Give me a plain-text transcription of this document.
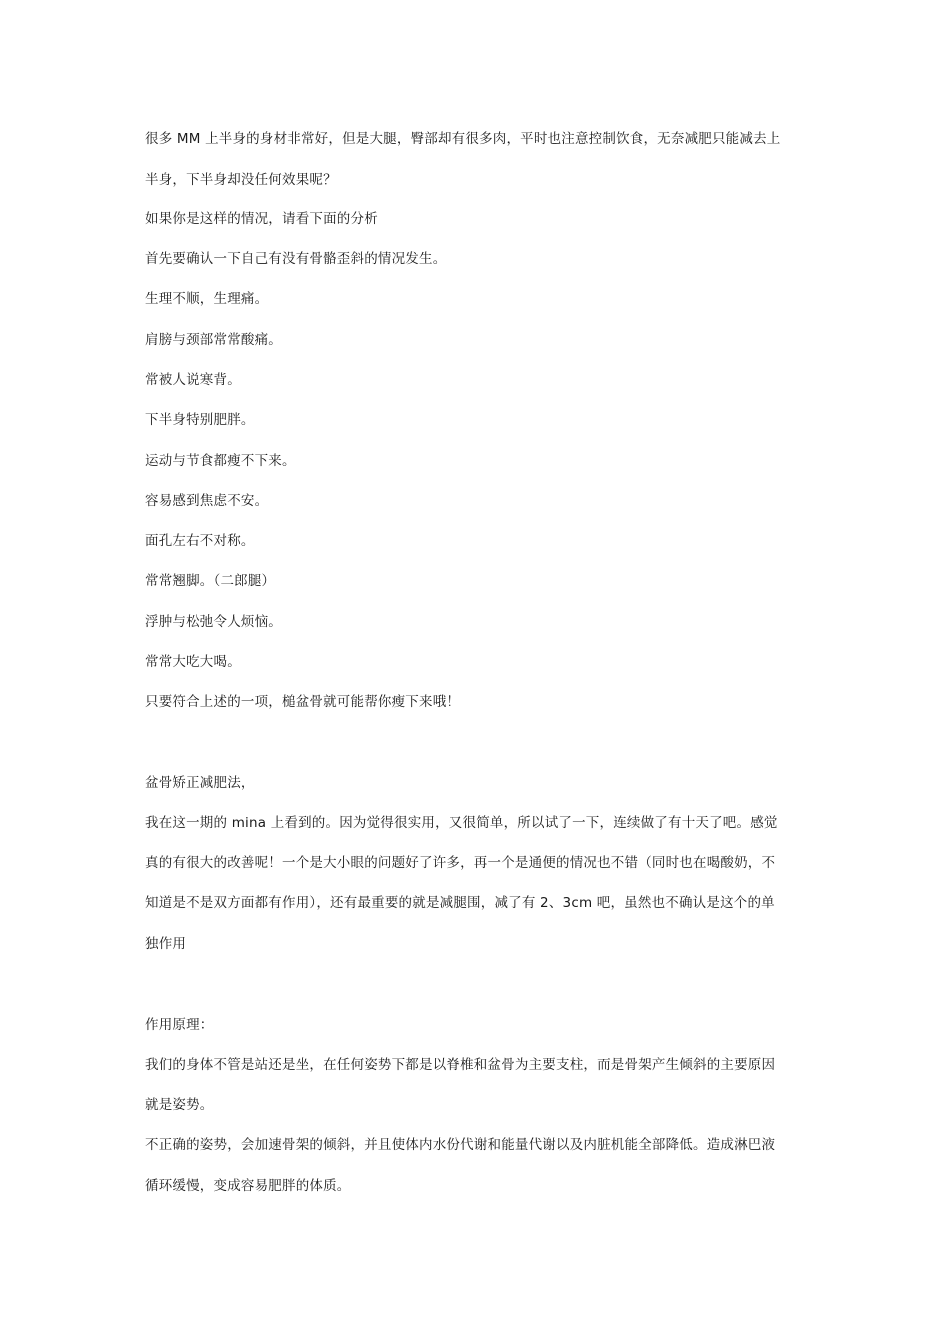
很多 MM 上半身的身材非常好，但是大腿，臀部却有很多肉，平时也注意控制饮食，无奈减肥只能减去上
半身，下半身却没任何效果呢？
如果你是这样的情况，请看下面的分析
首先要确认一下自己有没有骨骼歪斜的情况发生。
生理不顺，生理痛。
肩膀与颈部常常酸痛。
常被人说寒背。
下半身特别肥胖。
运动与节食都瘦不下来。
容易感到焦虑不安。
面孔左右不对称。
常常翘脚。（二郎腿）
浮肿与松弛令人烦恼。
常常大吃大喝。
只要符合上述的一项，槌盆骨就可能帮你瘦下来哦！
盆骨矫正减肥法，
我在这一期的 mina 上看到的。因为觉得很实用，又很简单，所以试了一下，连续做了有十天了吧。感觉
真的有很大的改善呢！一个是大小眼的问题好了许多，再一个是通便的情况也不错（同时也在喝酸奶，不
知道是不是双方面都有作用），还有最重要的就是减腿围，减了有 2、3cm 吧，虽然也不确认是这个的单
独作用
作用原理：
我们的身体不管是站还是坐，在任何姿势下都是以脊椎和盆骨为主要支柱，而是骨架产生倾斜的主要原因
就是姿势。
不正确的姿势，会加速骨架的倾斜，并且使体内水份代谢和能量代谢以及内脏机能全部降低。造成淋巴液
循环缓慢，变成容易肥胖的体质。
